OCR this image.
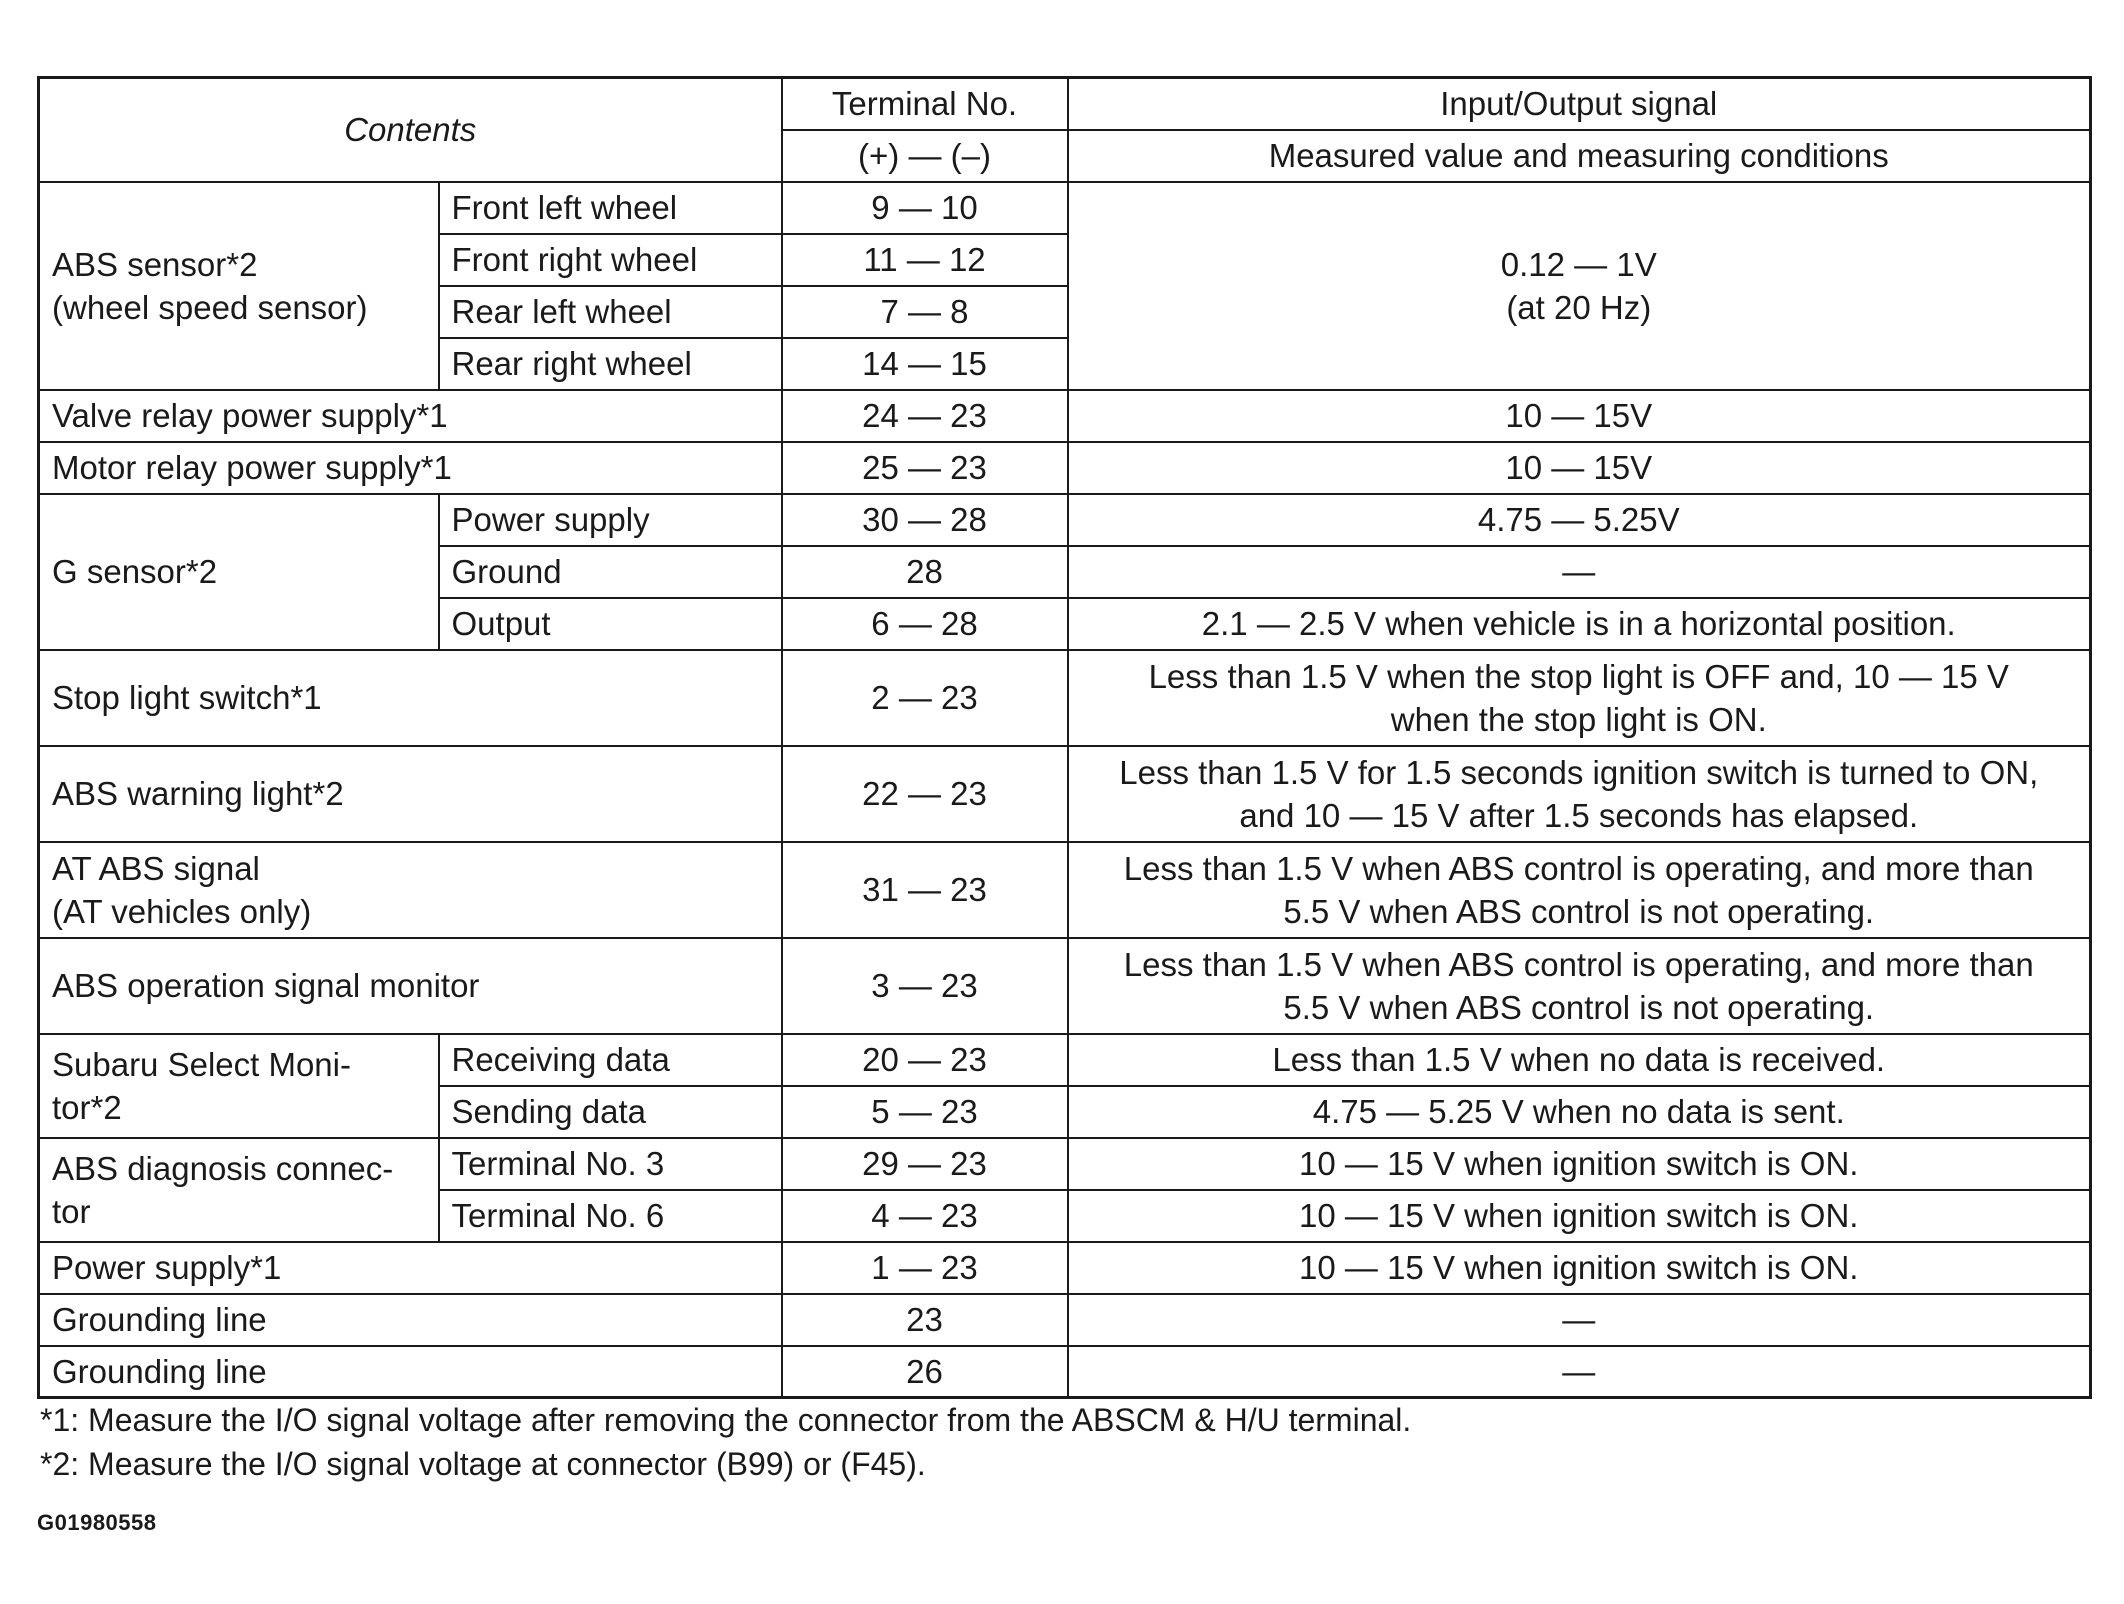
Contents		Terminal No.	Input/Output signal
		(+) — (–)	Measured value and measuring conditions
ABS sensor*2
(wheel speed sensor)	Front left wheel	9 — 10	0.12 — 1V
(at 20 Hz)
	Front right wheel	11 — 12	
	Rear left wheel	7 — 8	
	Rear right wheel	14 — 15	
Valve relay power supply*1		24 — 23	10 — 15V
Motor relay power supply*1		25 — 23	10 — 15V
G sensor*2	Power supply	30 — 28	4.75 — 5.25V
	Ground	28	—
	Output	6 — 28	2.1 — 2.5 V when vehicle is in a horizontal position.
Stop light switch*1		2 — 23	Less than 1.5 V when the stop light is OFF and, 10 — 15 V
when the stop light is ON.
ABS warning light*2		22 — 23	Less than 1.5 V for 1.5 seconds ignition switch is turned to ON,
and 10 — 15 V after 1.5 seconds has elapsed.
AT ABS signal
(AT vehicles only)		31 — 23	Less than 1.5 V when ABS control is operating, and more than
5.5 V when ABS control is not operating.
ABS operation signal monitor		3 — 23	Less than 1.5 V when ABS control is operating, and more than
5.5 V when ABS control is not operating.
Subaru Select Moni-
tor*2	Receiving data	20 — 23	Less than 1.5 V when no data is received.
	Sending data	5 — 23	4.75 — 5.25 V when no data is sent.
ABS diagnosis connec-
tor	Terminal No. 3	29 — 23	10 — 15 V when ignition switch is ON.
	Terminal No. 6	4 — 23	10 — 15 V when ignition switch is ON.
Power supply*1		1 — 23	10 — 15 V when ignition switch is ON.
Grounding line		23	—
Grounding line		26	—
*1: Measure the I/O signal voltage after removing the connector from the ABSCM & H/U terminal.
*2: Measure the I/O signal voltage at connector (B99) or (F45).
G01980558
